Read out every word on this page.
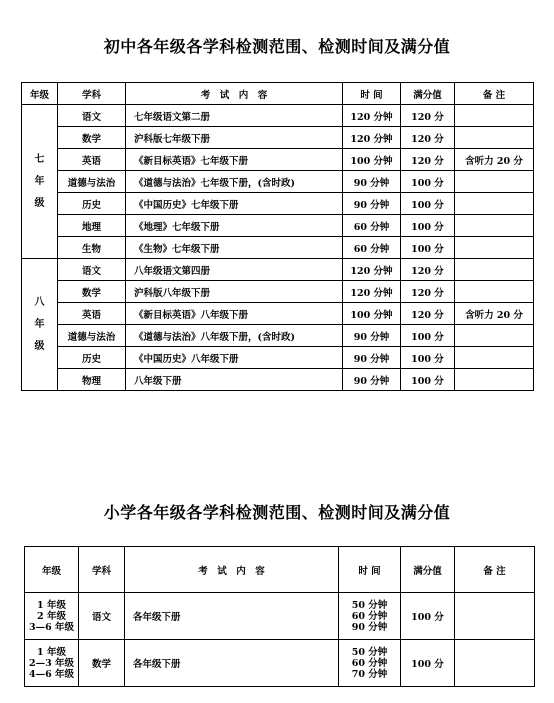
初中各年级各学科检测范围、检测时间及满分值
年级	学科	考　试　内　容	时 间	满分值	备 注
七
年
级	语文	七年级语文第二册	120 分钟	120 分	
	数学	沪科版七年级下册	120 分钟	120 分	
	英语	《新目标英语》七年级下册	100 分钟	120 分	含听力 20 分
	道德与法治	《道德与法治》七年级下册，(含时政)	90 分钟	100 分	
	历史	《中国历史》七年级下册	90 分钟	100 分	
	地理	《地理》七年级下册	60 分钟	100 分	
	生物	《生物》七年级下册	60 分钟	100 分	
八
年
级	语文	八年级语文第四册	120 分钟	120 分	
	数学	沪科版八年级下册	120 分钟	120 分	
	英语	《新目标英语》八年级下册	100 分钟	120 分	含听力 20 分
	道德与法治	《道德与法治》八年级下册，(含时政)	90 分钟	100 分	
	历史	《中国历史》八年级下册	90 分钟	100 分	
	物理	八年级下册	90 分钟	100 分	
小学各年级各学科检测范围、检测时间及满分值
年级	学科	考　试　内　容	时 间	满分值	备 注
1 年级
2 年级
3—6 年级	语文	各年级下册	50 分钟
60 分钟
90 分钟	100 分	
1 年级
2—3 年级
4—6 年级	数学	各年级下册	50 分钟
60 分钟
70 分钟	100 分	
